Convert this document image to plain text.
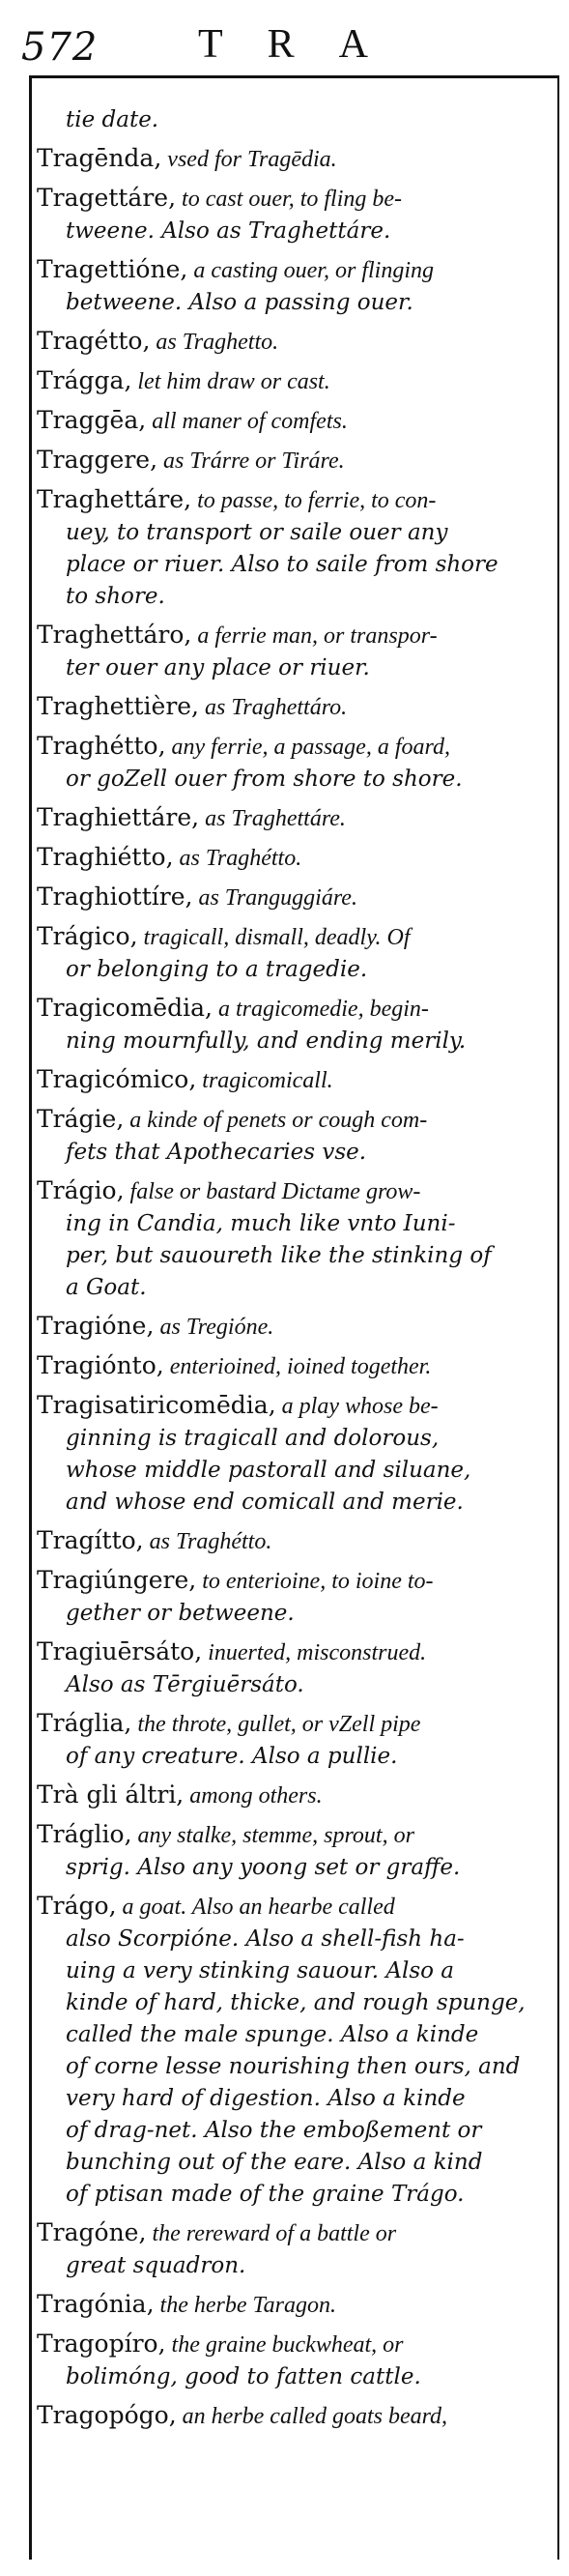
572 TRA
tie date.
Tragēnda, vsed for Tragēdia.
Tragettáre, to cast ouer, to fling be-
tweene. Also as Traghettáre.
Tragettióne, a casting ouer, or flinging
betweene. Also a passing ouer.
Tragétto, as Traghetto.
Trágga, let him draw or cast.
Traggēa, all maner of comfets.
Traggere, as Trárre or Tiráre.
Traghettáre, to passe, to ferrie, to con-
uey, to transport or saile ouer any
place or riuer. Also to saile from shore
to shore.
Traghettáro, a ferrie man, or transpor-
ter ouer any place or riuer.
Traghettière, as Traghettáro.
Traghétto, any ferrie, a passage, a foard,
or goZell ouer from shore to shore.
Traghiettáre, as Traghettáre.
Traghiétto, as Traghétto.
Traghiottíre, as Tranguggiáre.
Trágico, tragicall, dismall, deadly. Of
or belonging to a tragedie.
Tragicomēdia, a tragicomedie, begin-
ning mournfully, and ending merily.
Tragicómico, tragicomicall.
Trágie, a kinde of penets or cough com-
fets that Apothecaries vse.
Trágio, false or bastard Dictame grow-
ing in Candia, much like vnto Iuni-
per, but sauoureth like the stinking of
a Goat.
Tragióne, as Tregióne.
Tragiónto, enterioined, ioined together.
Tragisatiricomēdia, a play whose be-
ginning is tragicall and dolorous,
whose middle pastorall and siluane,
and whose end comicall and merie.
Tragítto, as Traghétto.
Tragiúngere, to enterioine, to ioine to-
gether or betweene.
Tragiuērsáto, inuerted, misconstrued.
Also as Tērgiuērsáto.
Tráglia, the throte, gullet, or vZell pipe
of any creature. Also a pullie.
Trà gli áltri, among others.
Tráglio, any stalke, stemme, sprout, or
sprig. Also any yoong set or graffe.
Trágo, a goat. Also an hearbe called
also Scorpióne. Also a shell-fish ha-
uing a very stinking sauour. Also a
kinde of hard, thicke, and rough spunge,
called the male spunge. Also a kinde
of corne lesse nourishing then ours, and
very hard of digestion. Also a kinde
of drag-net. Also the emboßement or
bunching out of the eare. Also a kind
of ptisan made of the graine Trágo.
Tragóne, the rereward of a battle or
great squadron.
Tragónia, the herbe Taragon.
Tragopíro, the graine buckwheat, or
bolimóng, good to fatten cattle.
Tragopógo, an herbe called goats beard,
